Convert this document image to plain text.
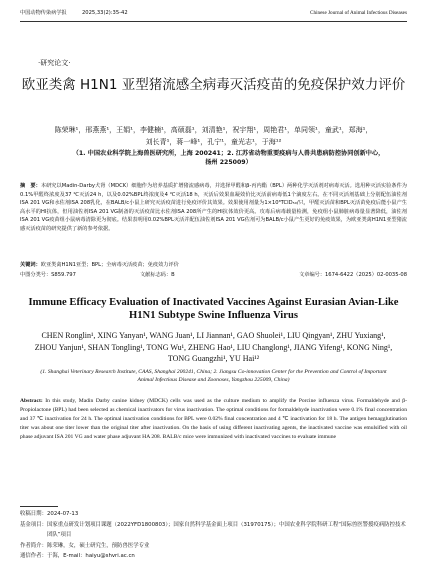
中国动物传染病学报	2025,33(2):35-42	Chinese Journal of Animal Infectious Diseases
·研究论文·
欧亚类禽 H1N1 亚型猪流感全病毒灭活疫苗的免疫保护效力评价
陈荣琳¹，邢燕燕¹，王娟¹，李健楠¹，高硕磊¹，刘清艳¹，祝宇翔¹，周艳君¹，单同领¹，童武¹，郑海¹，刘长青¹，蒋一峰¹，孔宁¹，童光志¹，于海¹²
（1. 中国农业科学院上海兽医研究所，上海 200241；2. 江苏省动物重要疫病与人兽共患病防控协同创新中心，扬州 225009）
摘　要：本研究以Madin-Darby犬肾（MDCK）细胞作为培养基质扩增猪流感病毒，并选择甲醛和β-丙内酯（BPL）两种化学灭活剂对病毒灭活。选用种灭活实验条件为0.1%甲醛终浓度及37 ℃灭活24 h，以及0.02%BPL终浓度及4 ℃灭活18 h，灭活后效果血凝效价比灭活前病毒低1个滴度左右。在不同灭活剂基础上分别配伍油佐剂ISA 201 VG和水佐剂ISA 208乳化，在BALB/c小鼠上研究灭活疫苗进行免疫评价其效果。效果使用剂量为1×10⁶TCID₅₀/只，甲醛灭活苗和BPL灭活苗免疫后能小鼠产生高水平的HI抗体，但用油佐剂ISA 201 VG制备的灭活疫苗比水佐剂ISA 208所产生的HI抗体效价更高。攻毒后病毒载量检测，免疫组小鼠肺脏病毒量显著降低，油佐剂ISA 201 VG疫苗组小鼠病毒清除更为彻底。结果表明用0.02%BPL灭活并配伍油佐剂ISA 201 VG佐剂可为BALB/c小鼠产生更好的免疫效果，为欧亚类禽H1N1亚型猪流感灭活疫苗的研究提供了新的参考依据。
关键词：欧亚类禽H1N1亚型；BPL；全病毒灭活疫苗；免疫效力评价
中图分类号：S859.797	文献标志码：B	文章编号：1674-6422（2025）02-0035-08
Immune Efficacy Evaluation of Inactivated Vaccines Against Eurasian Avian-Like H1N1 Subtype Swine Influenza Virus
CHEN Ronglin¹, XING Yanyan¹, WANG Juan¹, LI Jiannan¹, GAO Shuolei¹, LIU Qingyan¹, ZHU Yuxiang¹, ZHOU Yanjun¹, SHAN Tongling¹, TONG Wu¹, ZHENG Hao¹, LIU Changlong¹, JIANG Yifeng¹, KONG Ning¹, TONG Guangzhi¹, YU Hai¹²
(1. Shanghai Veterinary Research Institute, CAAS, Shanghai 200241, China; 2. Jiangsu Co-innovation Center for the Prevention and Control of Important Animal Infectious Disease and Zoonoses, Yangzhou 225009, China)
Abstract: In this study, Madin Darby canine kidney (MDCK) cells was used as the culture medium to amplify the Porcine influenza virus. Formaldehyde and β-Propiolactone (BPL) had been selected as chemical inactivators for virus inactivation. The optimal conditions for formaldehyde inactivation were 0.1% final concentration and 37 ℃ inactivation for 24 h. The optimal inactivation conditions for BPL were 0.02% final concentration and 4 ℃ inactivation for 18 h. The antigen hemagglutination titer was about one titer lower than the original titer after inactivation. On the basis of using different inactivating agents, the inactivated vaccine was emulsified with oil phase adjuvant ISA 201 VG and water phase adjuvant HA 208. BALB/c mice were immunized with inactivated vaccines to evaluate immune
收稿日期： 2024-07-13
基金项目： 国家重点研发计划项目课题（2022YFD1800803）；国家自然科学基金面上项目（31970175）；中国农业科学院科研工程“国际兽医警援疫病防控技术团队”项目
作者简介： 陈荣琳，女，硕士研究生，预防兽医学专业
通信作者： 于海，E-mail：haiyu@shvri.ac.cn
